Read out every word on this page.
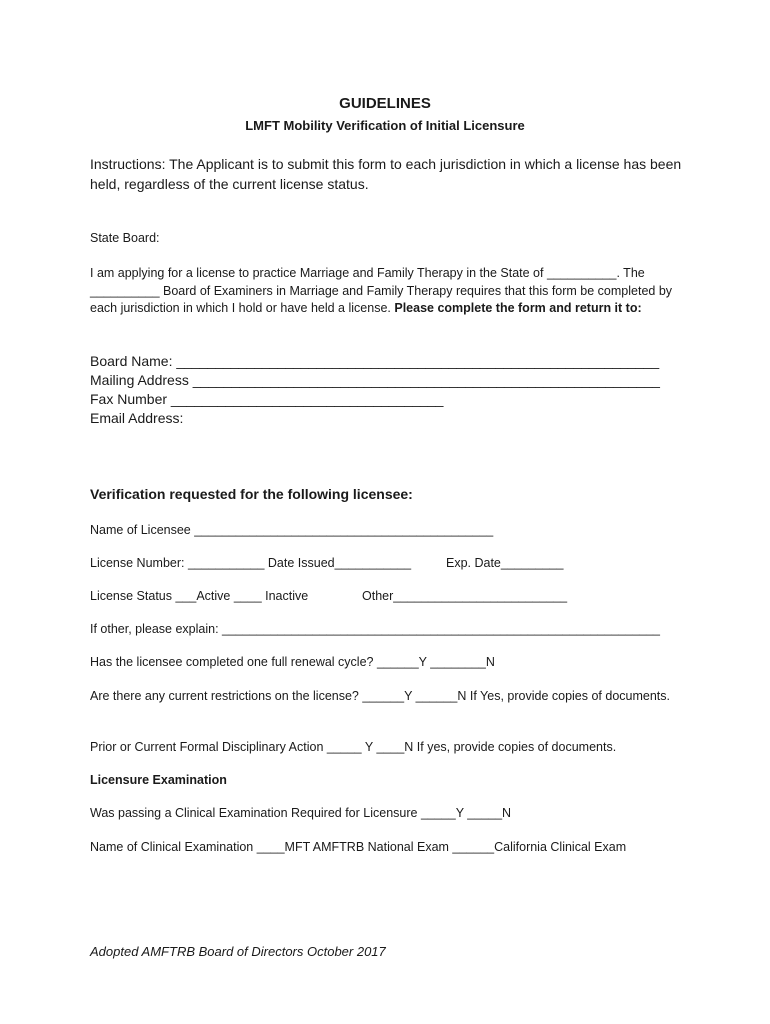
GUIDELINES
LMFT Mobility Verification of Initial Licensure
Instructions: The Applicant is to submit this form to each jurisdiction in which a license has been held, regardless of the current license status.
State Board:
I am applying for a license to practice Marriage and Family Therapy in the State of __________. The __________ Board of Examiners in Marriage and Family Therapy requires that this form be completed by each jurisdiction in which I hold or have held a license. Please complete the form and return it to:
Board Name: ______________________________________________________________
Mailing Address ____________________________________________________________
Fax Number ___________________________________
Email Address:
Verification requested for the following licensee:
Name of Licensee ___________________________________________
License Number: ___________ Date Issued___________	Exp. Date_________
License Status ___Active ____ Inactive	Other_________________________
If other, please explain: _______________________________________________________________
Has the licensee completed one full renewal cycle? ______Y ________N
Are there any current restrictions on the license? ______Y ______N If Yes, provide copies of documents.
Prior or Current Formal Disciplinary Action _____ Y ____N If yes, provide copies of documents.
Licensure Examination
Was passing a Clinical Examination Required for Licensure _____Y _____N
Name of Clinical Examination ____MFT AMFTRB National Exam ______California Clinical Exam
Adopted AMFTRB Board of Directors October 2017
